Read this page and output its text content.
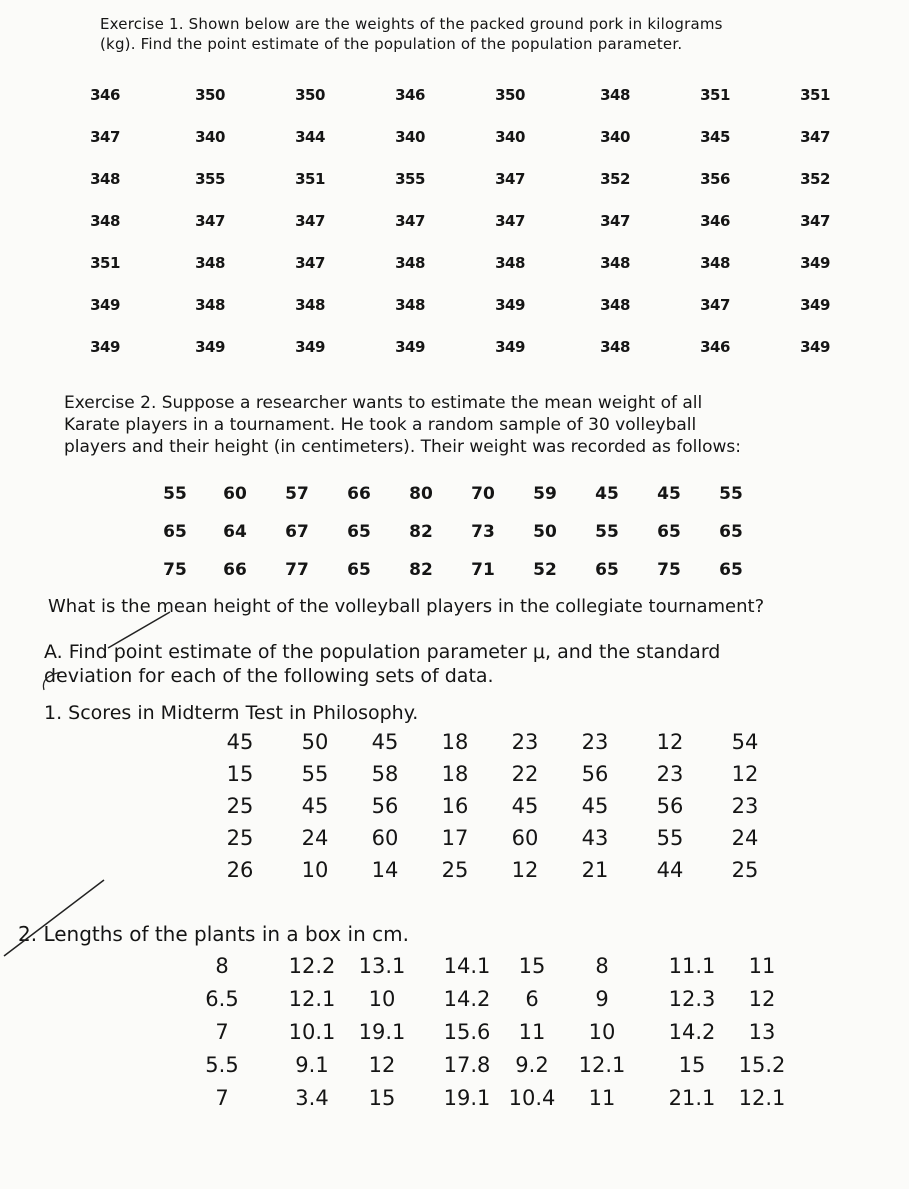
Exercise 1. Shown below are the weights of the packed ground pork in kilograms
(kg). Find the point estimate of the population of the population parameter.
346	350	350	346	350	348	351	351
347	340	344	340	340	340	345	347
348	355	351	355	347	352	356	352
348	347	347	347	347	347	346	347
351	348	347	348	348	348	348	349
349	348	348	348	349	348	347	349
349	349	349	349	349	348	346	349
Exercise 2. Suppose a researcher wants to estimate the mean weight of all
Karate players in a tournament. He took a random sample of 30 volleyball
players and their height (in centimeters). Their weight was recorded as follows:
55	60	57	66	80	70	59	45	45	55
65	64	67	65	82	73	50	55	65	65
75	66	77	65	82	71	52	65	75	65
What is the mean height of the volleyball players in the collegiate tournament?
A. Find point estimate of the population parameter μ, and the standard
deviation for each of the following sets of data.
1. Scores in Midterm Test in Philosophy.
45	50	45	18	23	23	12	54
15	55	58	18	22	56	23	12
25	45	56	16	45	45	56	23
25	24	60	17	60	43	55	24
26	10	14	25	12	21	44	25
2. Lengths of the plants in a box in cm.
8	12.2	13.1	14.1	15	8	11.1	11
6.5	12.1	10	14.2	6	9	12.3	12
7	10.1	19.1	15.6	11	10	14.2	13
5.5	9.1	12	17.8	9.2	12.1	15	15.2
7	3.4	15	19.1 10.4	11	21.1	12.1
